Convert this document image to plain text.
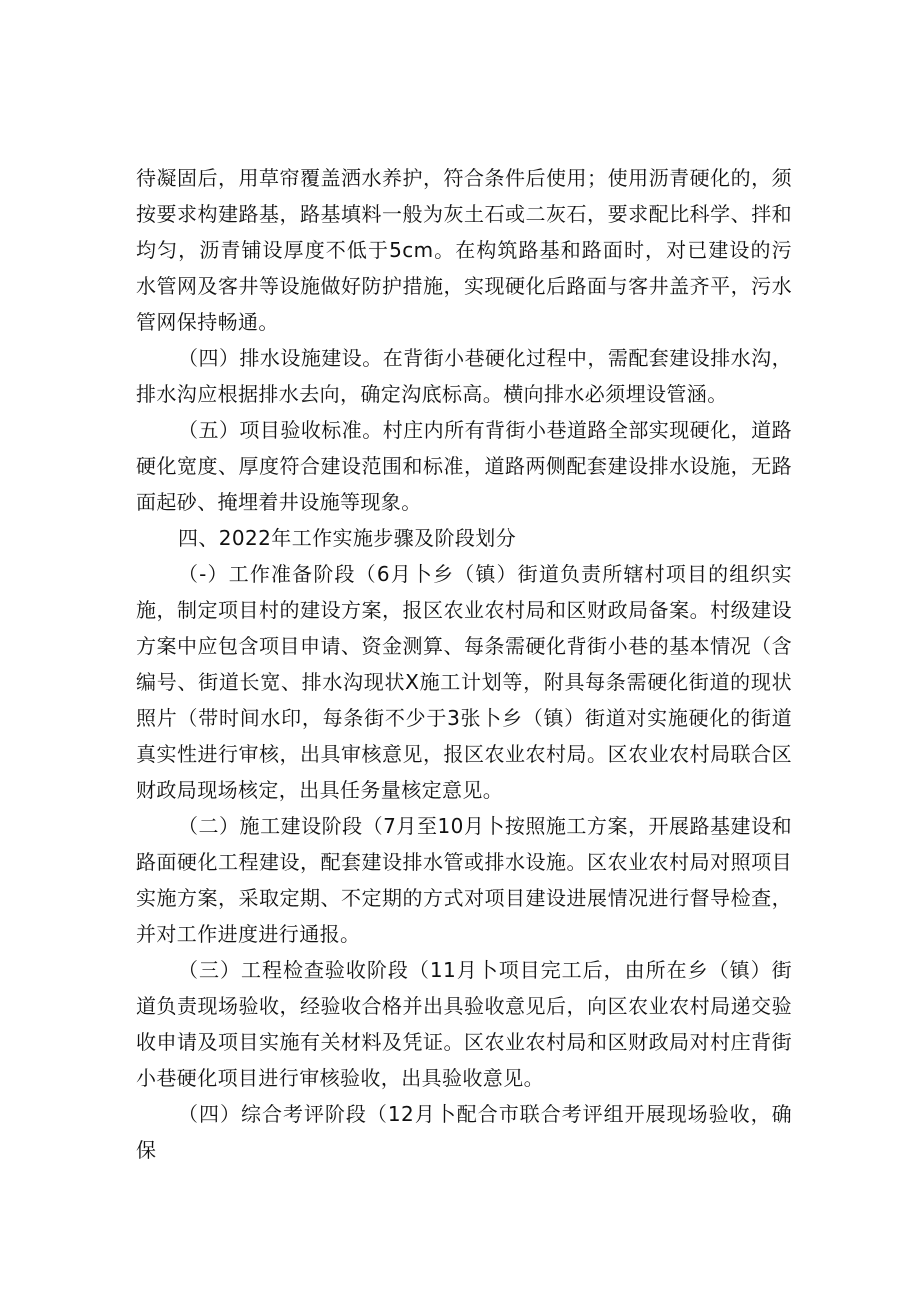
待凝固后，用草帘覆盖洒水养护，符合条件后使用；使用沥青硬化的，须按要求构建路基，路基填料一般为灰土石或二灰石，要求配比科学、拌和均匀，沥青铺设厚度不低于5cm。在构筑路基和路面时，对已建设的污水管网及客井等设施做好防护措施，实现硬化后路面与客井盖齐平，污水管网保持畅通。

（四）排水设施建设。在背街小巷硬化过程中，需配套建设排水沟，排水沟应根据排水去向，确定沟底标高。横向排水必须埋设管涵。

（五）项目验收标准。村庄内所有背街小巷道路全部实现硬化，道路硬化宽度、厚度符合建设范围和标准，道路两侧配套建设排水设施，无路面起砂、掩埋着井设施等现象。

四、2022年工作实施步骤及阶段划分

（-）工作准备阶段（6月卜乡（镇）街道负责所辖村项目的组织实施，制定项目村的建设方案，报区农业农村局和区财政局备案。村级建设方案中应包含项目申请、资金测算、每条需硬化背街小巷的基本情况（含编号、街道长宽、排水沟现状X施工计划等，附具每条需硬化街道的现状照片（带时间水印，每条街不少于3张卜乡（镇）街道对实施硬化的街道真实性进行审核，出具审核意见，报区农业农村局。区农业农村局联合区财政局现场核定，出具任务量核定意见。

（二）施工建设阶段（7月至10月卜按照施工方案，开展路基建设和路面硬化工程建设，配套建设排水管或排水设施。区农业农村局对照项目实施方案，采取定期、不定期的方式对项目建设进展情况进行督导检查，并对工作进度进行通报。

（三）工程检查验收阶段（11月卜项目完工后，由所在乡（镇）街道负责现场验收，经验收合格并出具验收意见后，向区农业农村局递交验收申请及项目实施有关材料及凭证。区农业农村局和区财政局对村庄背街小巷硬化项目进行审核验收，出具验收意见。

（四）综合考评阶段（12月卜配合市联合考评组开展现场验收，确保
